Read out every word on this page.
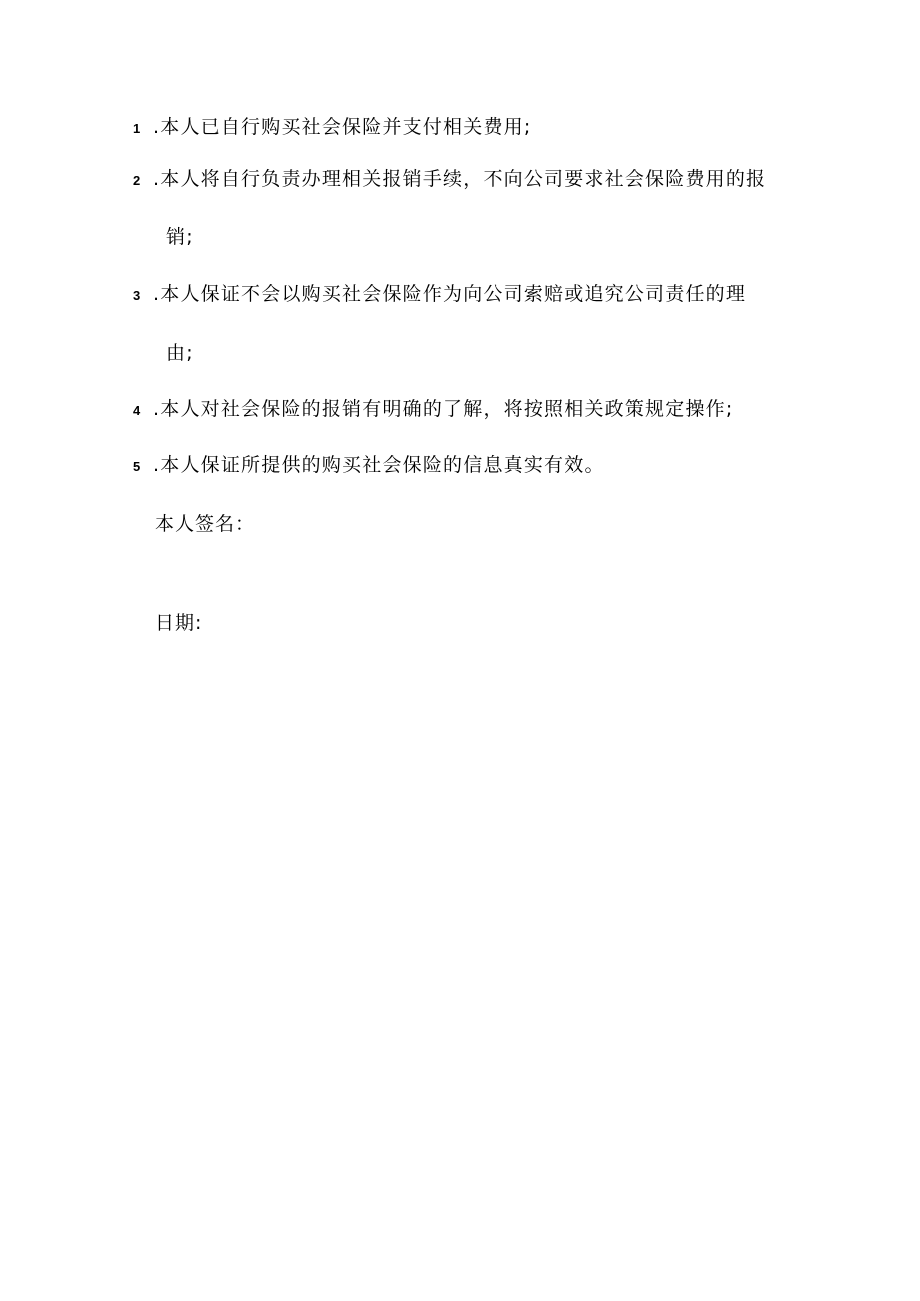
1 .本人已自行购买社会保险并支付相关费用;
2 .本人将自行负责办理相关报销手续，不向公司要求社会保险费用的报
销;
3 .本人保证不会以购买社会保险作为向公司索赔或追究公司责任的理
由;
4 .本人对社会保险的报销有明确的了解，将按照相关政策规定操作;
5 .本人保证所提供的购买社会保险的信息真实有效。
本人签名：
日期:
